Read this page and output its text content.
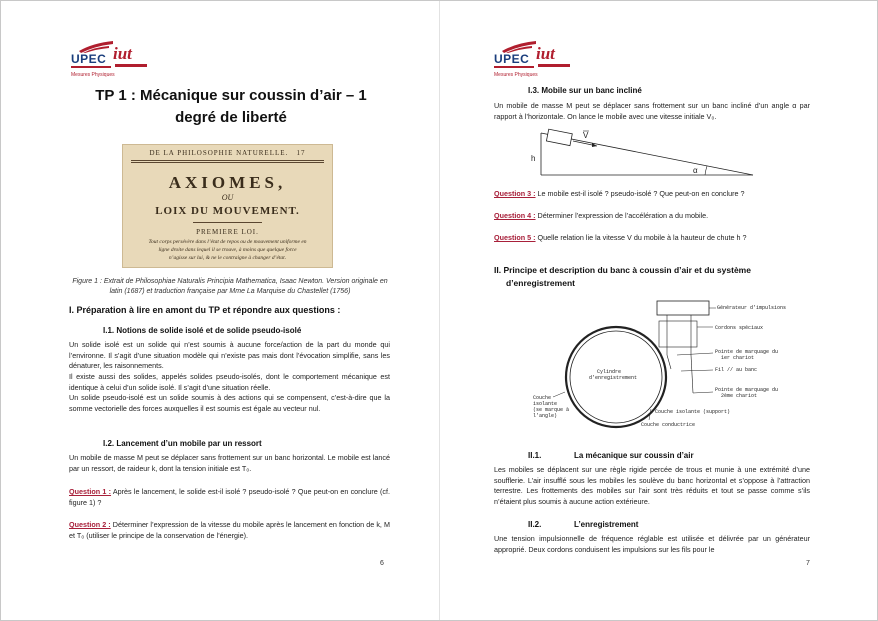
UPEC iut
Mesures Physiques
TP 1 : Mécanique sur coussin d’air – 1
degré de liberté
DE LA PHILOSOPHIE NATURELLE. 17
AXIOMES,
OU
LOIX DU MOUVEMENT.
PREMIERE LOI.
Tout corps persévère dans l’état de repos ou de mouvement uniforme en
ligne droite dans lequel il se trouve, à moins que quelque force
n’agisse sur lui, & ne le contraigne à changer d’état.
Figure 1 : Extrait de Philosophiae Naturalis Principia Mathematica, Isaac Newton. Version originale en
latin (1687) et traduction française par Mme La Marquise du Chastellet (1756)
I. Préparation à lire en amont du TP et répondre aux questions :
I.1. Notions de solide isolé et de solide pseudo-isolé
Un solide isolé est un solide qui n’est soumis à aucune force/action de la part du monde qui l’environne. Il s’agit d’une situation modèle qui n’existe pas mais dont l’évocation simplifie, sans les dénaturer, les raisonnements.
Il existe aussi des solides, appelés solides pseudo-isolés, dont le comportement mécanique est identique à celui d’un solide isolé. Il s’agit d’une situation réelle.
Un solide pseudo-isolé est un solide soumis à des actions qui se compensent, c’est-à-dire que la somme vectorielle des forces auxquelles il est soumis est égale au vecteur nul.
I.2. Lancement d’un mobile par un ressort
Un mobile de masse M peut se déplacer sans frottement sur un banc horizontal. Le mobile est lancé par un ressort, de raideur k, dont la tension initiale est T₀.
Question 1 : Après le lancement, le solide est-il isolé ? pseudo-isolé ? Que peut-on en conclure (cf. figure 1) ?
Question 2 : Déterminer l’expression de la vitesse du mobile après le lancement en fonction de k, M et T₀ (utiliser le principe de la conservation de l’énergie).
6
UPEC iut
Mesures Physiques
I.3. Mobile sur un banc incliné
Un mobile de masse M peut se déplacer sans frottement sur un banc incliné d’un angle α par rapport à l’horizontale. On lance le mobile avec une vitesse initiale V₀.
h
V
α
Question 3 : Le mobile est-il isolé ? pseudo-isolé ? Que peut-on en conclure ?
Question 4 : Déterminer l’expression de l’accélération a du mobile.
Question 5 : Quelle relation lie la vitesse V du mobile à la hauteur de chute h ?
II. Principe et description du banc à coussin d’air et du système
d’enregistrement
Générateur d’impulsions
Cordons spéciaux
Pointe de marquage du
1er chariot
Fil // au banc
Pointe de marquage du
2ème chariot
Cylindre
d’enregistrement
Couche
isolante
(se marque à
l’angle)
Couche isolante (support)
Couche conductrice
II.1.	La mécanique sur coussin d’air
Les mobiles se déplacent sur une règle rigide percée de trous et munie à une extrémité d’une soufflerie. L’air insufflé sous les mobiles les soulève du banc horizontal et s’oppose à l’attraction terrestre. Les frottements des mobiles sur l’air sont très réduits et tout se passe comme s’ils n’étaient plus soumis à aucune action extérieure.
II.2.	L’enregistrement
Une tension impulsionnelle de fréquence réglable est utilisée et délivrée par un générateur approprié. Deux cordons conduisent les impulsions sur les fils pour le
7
